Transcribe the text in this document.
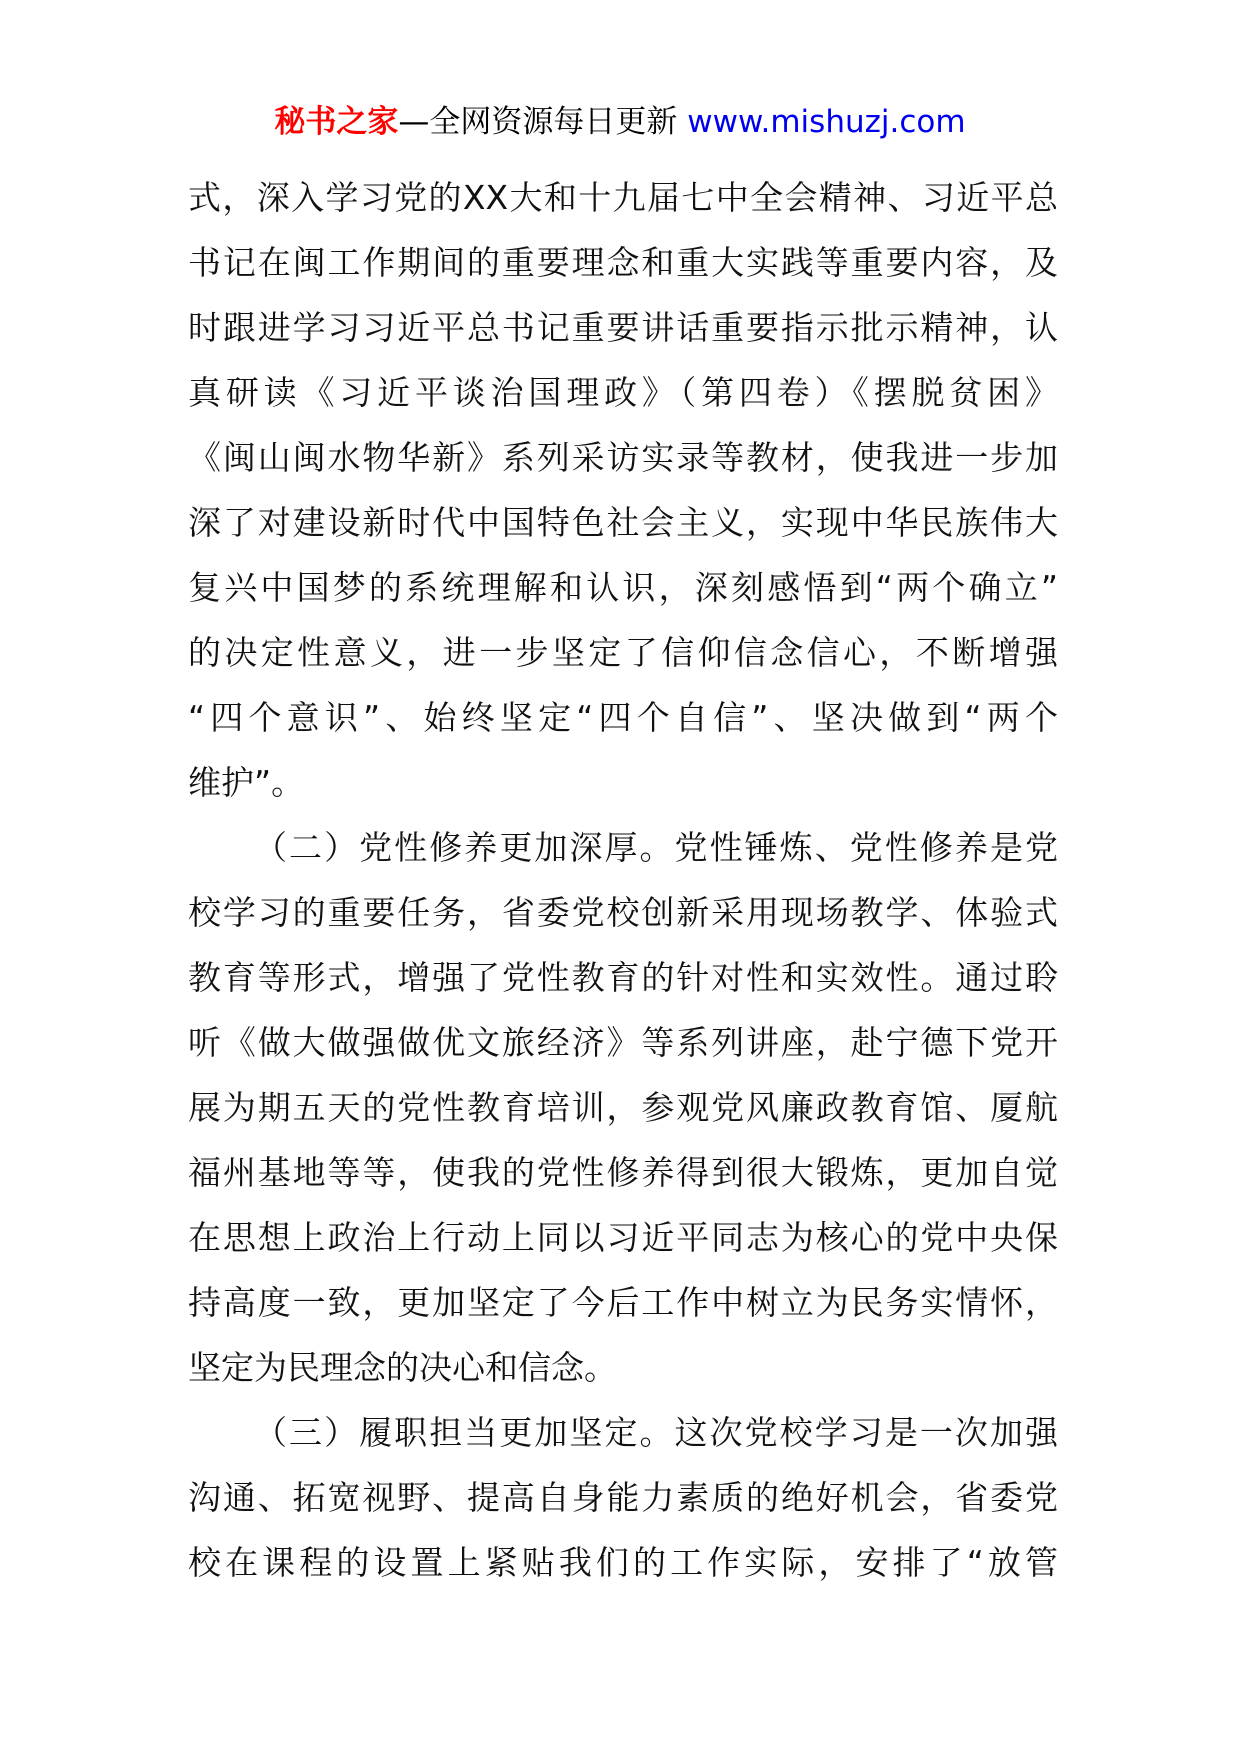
秘书之家—全网资源每日更新 www.mishuzj.com
式，深入学习党的XX大和十九届七中全会精神、习近平总
书记在闽工作期间的重要理念和重大实践等重要内容，及
时跟进学习习近平总书记重要讲话重要指示批示精神，认
真研读《习近平谈治国理政》（第四卷）《摆脱贫困》
《闽山闽水物华新》系列采访实录等教材，使我进一步加
深了对建设新时代中国特色社会主义，实现中华民族伟大
复兴中国梦的系统理解和认识，深刻感悟到“两个确立”
的决定性意义，进一步坚定了信仰信念信心，不断增强
“四个意识”、始终坚定“四个自信”、坚决做到“两个
维护”。
（二）党性修养更加深厚。党性锤炼、党性修养是党
校学习的重要任务，省委党校创新采用现场教学、体验式
教育等形式，增强了党性教育的针对性和实效性。通过聆
听《做大做强做优文旅经济》等系列讲座，赴宁德下党开
展为期五天的党性教育培训，参观党风廉政教育馆、厦航
福州基地等等，使我的党性修养得到很大锻炼，更加自觉
在思想上政治上行动上同以习近平同志为核心的党中央保
持高度一致，更加坚定了今后工作中树立为民务实情怀，
坚定为民理念的决心和信念。
（三）履职担当更加坚定。这次党校学习是一次加强
沟通、拓宽视野、提高自身能力素质的绝好机会，省委党
校在课程的设置上紧贴我们的工作实际，安排了“放管
